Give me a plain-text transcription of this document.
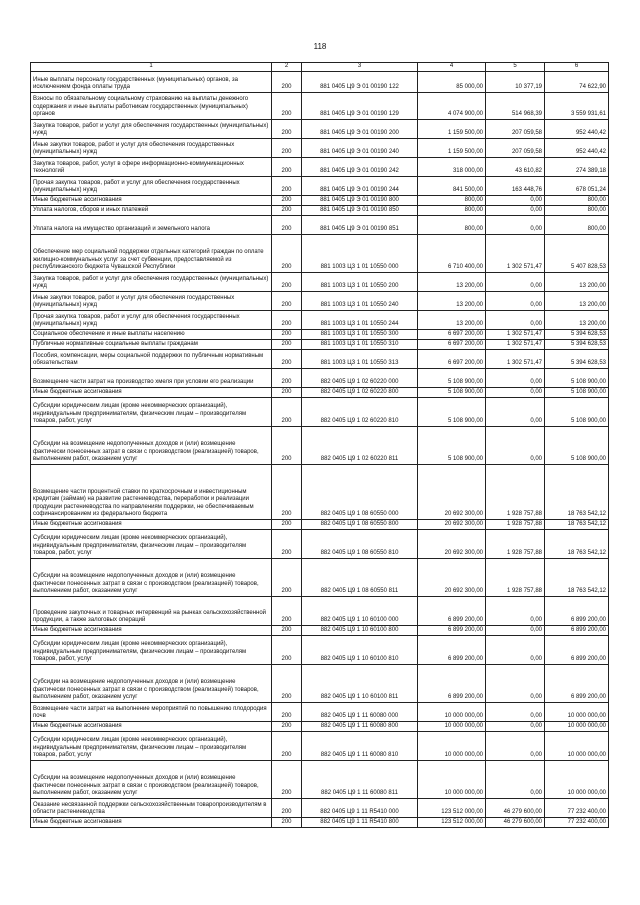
118
1	2	3	4	5	6
Иные выплаты персоналу государственных (муниципальных) органов, за исключением фонда оплаты труда	200	881 0405 Ц9 Э 01 00190 122	85 000,00	10 377,19	74 622,90
Взносы по обязательному социальному страхованию на выплаты денежного содержания и иные выплаты работникам государственных (муниципальных) органов	200	881 0405 Ц9 Э 01 00190 129	4 074 900,00	514 968,39	3 559 931,61
Закупка товаров, работ и услуг для обеспечения государственных (муниципальных) нужд	200	881 0405 Ц9 Э 01 00190 200	1 159 500,00	207 059,58	952 440,42
Иные закупки товаров, работ и услуг для обеспечения государственных (муниципальных) нужд	200	881 0405 Ц9 Э 01 00190 240	1 159 500,00	207 059,58	952 440,42
Закупка товаров, работ, услуг в сфере информационно-коммуникационных технологий	200	881 0405 Ц9 Э 01 00190 242	318 000,00	43 610,82	274 389,18
Прочая закупка товаров, работ и услуг для обеспечения государственных (муниципальных) нужд	200	881 0405 Ц9 Э 01 00190 244	841 500,00	163 448,76	678 051,24
Иные бюджетные ассигнования	200	881 0405 Ц9 Э 01 00190 800	800,00	0,00	800,00
Уплата налогов, сборов и иных платежей	200	881 0405 Ц9 Э 01 00190 850	800,00	0,00	800,00
Уплата налога на имущество организаций и земельного налога	200	881 0405 Ц9 Э 01 00190 851	800,00	0,00	800,00
Обеспечение мер социальной поддержки отдельных категорий граждан по оплате жилищно-коммунальных услуг за счет субвенции, предоставляемой из республиканского бюджета Чувашской Республики	200	881 1003 Ц3 1 01 10550 000	6 710 400,00	1 302 571,47	5 407 828,53
Закупка товаров, работ и услуг для обеспечения государственных (муниципальных) нужд	200	881 1003 Ц3 1 01 10550 200	13 200,00	0,00	13 200,00
Иные закупки товаров, работ и услуг для обеспечения государственных (муниципальных) нужд	200	881 1003 Ц3 1 01 10550 240	13 200,00	0,00	13 200,00
Прочая закупка товаров, работ и услуг для обеспечения государственных (муниципальных) нужд	200	881 1003 Ц3 1 01 10550 244	13 200,00	0,00	13 200,00
Социальное обеспечение и иные выплаты населению	200	881 1003 Ц3 1 01 10550 300	6 697 200,00	1 302 571,47	5 394 628,53
Публичные нормативные социальные выплаты гражданам	200	881 1003 Ц3 1 01 10550 310	6 697 200,00	1 302 571,47	5 394 628,53
Пособия, компенсации, меры социальной поддержки по публичным нормативным обязательствам	200	881 1003 Ц3 1 01 10550 313	6 697 200,00	1 302 571,47	5 394 628,53
Возмещение части затрат на производство хмеля при условии его реализации	200	882 0405 Ц9 1 02 60220 000	5 108 900,00	0,00	5 108 900,00
Иные бюджетные ассигнования	200	882 0405 Ц9 1 02 60220 800	5 108 900,00	0,00	5 108 900,00
Субсидии юридическим лицам (кроме некоммерческих организаций), индивидуальным предпринимателям, физическим лицам – производителям товаров, работ, услуг	200	882 0405 Ц9 1 02 60220 810	5 108 900,00	0,00	5 108 900,00
Субсидии на возмещение недополученных доходов и (или) возмещение фактически понесенных затрат в связи с производством (реализацией) товаров, выполнением работ, оказанием услуг	200	882 0405 Ц9 1 02 60220 811	5 108 900,00	0,00	5 108 900,00
Возмещение части процентной ставки по краткосрочным и инвестиционным кредитам (займам) на развитие растениеводства, переработки и реализации продукции растениеводства по направлениям поддержки, не обеспечиваемым софинансированием из федерального бюджета	200	882 0405 Ц9 1 08 60550 000	20 692 300,00	1 928 757,88	18 763 542,12
Иные бюджетные ассигнования	200	882 0405 Ц9 1 08 60550 800	20 692 300,00	1 928 757,88	18 763 542,12
Субсидии юридическим лицам (кроме некоммерческих организаций), индивидуальным предпринимателям, физическим лицам – производителям товаров, работ, услуг	200	882 0405 Ц9 1 08 60550 810	20 692 300,00	1 928 757,88	18 763 542,12
Субсидии на возмещение недополученных доходов и (или) возмещение фактически понесенных затрат в связи с производством (реализацией) товаров, выполнением работ, оказанием услуг	200	882 0405 Ц9 1 08 60550 811	20 692 300,00	1 928 757,88	18 763 542,12
Проведение закупочных и товарных интервенций на рынках сельскохозяйственной продукции, а также залоговых операций	200	882 0405 Ц9 1 10 60100 000	6 899 200,00	0,00	6 899 200,00
Иные бюджетные ассигнования	200	882 0405 Ц9 1 10 60100 800	6 899 200,00	0,00	6 899 200,00
Субсидии юридическим лицам (кроме некоммерческих организаций), индивидуальным предпринимателям, физическим лицам – производителям товаров, работ, услуг	200	882 0405 Ц9 1 10 60100 810	6 899 200,00	0,00	6 899 200,00
Субсидии на возмещение недополученных доходов и (или) возмещение фактически понесенных затрат в связи с производством (реализацией) товаров, выполнением работ, оказанием услуг	200	882 0405 Ц9 1 10 60100 811	6 899 200,00	0,00	6 899 200,00
Возмещение части затрат на выполнение мероприятий по повышению плодородия почв	200	882 0405 Ц9 1 11 60080 000	10 000 000,00	0,00	10 000 000,00
Иные бюджетные ассигнования	200	882 0405 Ц9 1 11 60080 800	10 000 000,00	0,00	10 000 000,00
Субсидии юридическим лицам (кроме некоммерческих организаций), индивидуальным предпринимателям, физическим лицам – производителям товаров, работ, услуг	200	882 0405 Ц9 1 11 60080 810	10 000 000,00	0,00	10 000 000,00
Субсидии на возмещение недополученных доходов и (или) возмещение фактически понесенных затрат в связи с производством (реализацией) товаров, выполнением работ, оказанием услуг	200	882 0405 Ц9 1 11 60080 811	10 000 000,00	0,00	10 000 000,00
Оказание несвязанной поддержки сельскохозяйственным товаропроизводителям в области растениеводства	200	882 0405 Ц9 1 11 R5410 000	123 512 000,00	46 279 600,00	77 232 400,00
Иные бюджетные ассигнования	200	882 0405 Ц9 1 11 R5410 800	123 512 000,00	46 279 600,00	77 232 400,00
